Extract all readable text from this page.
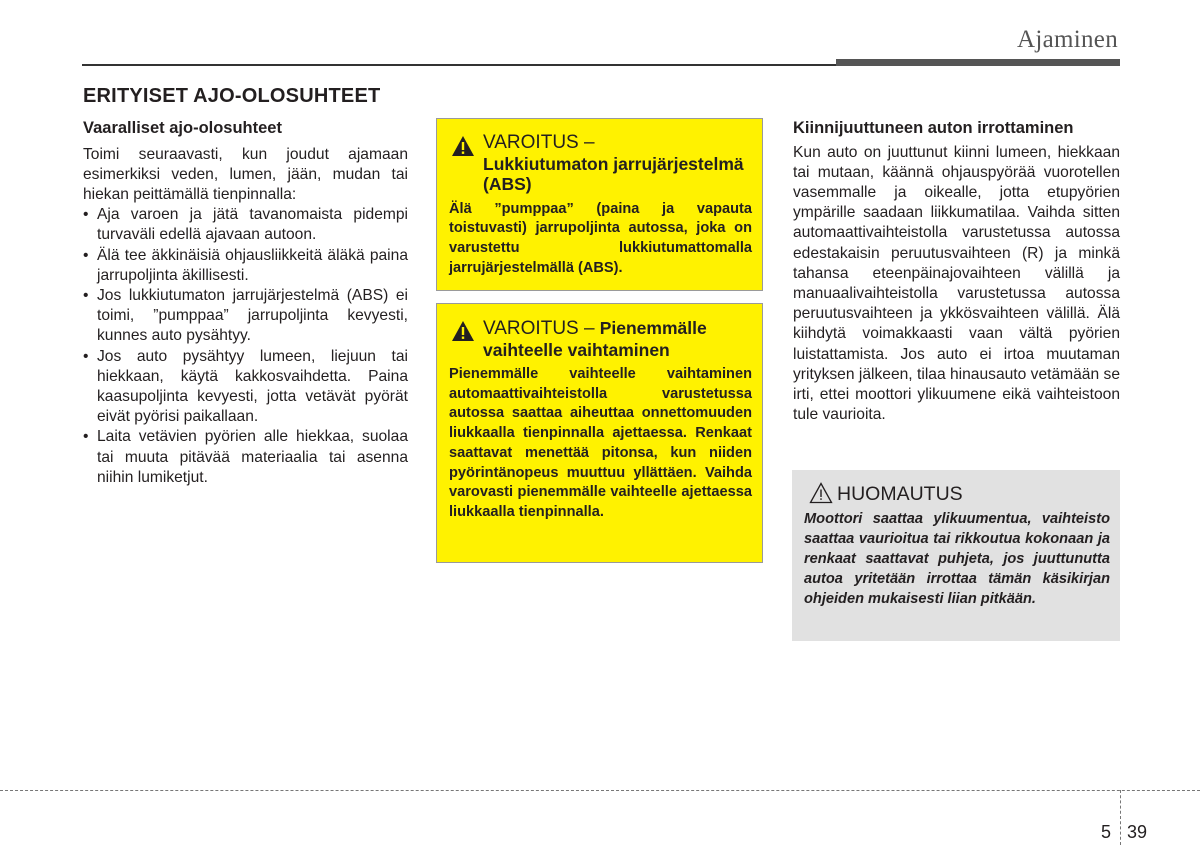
Ajaminen
ERITYISET AJO-OLOSUHTEET
Vaaralliset ajo-olosuhteet
Toimi seuraavasti, kun joudut ajamaan esimerkiksi veden, lumen, jään, mudan tai hiekan peittämällä tienpinnalla:
• Aja varoen ja jätä tavanomaista pidempi turvaväli edellä ajavaan autoon.
• Älä tee äkkinäisiä ohjausliikkeitä äläkä paina jarrupoljinta äkillisesti.
• Jos lukkiutumaton jarrujärjestelmä (ABS) ei toimi, ”pumppaa” jarrupoljinta kevyesti, kunnes auto pysähtyy.
• Jos auto pysähtyy lumeen, liejuun tai hiekkaan, käytä kakkosvaihdetta. Paina kaasupoljinta kevyesti, jotta vetävät pyörät eivät pyörisi paikallaan.
• Laita vetävien pyörien alle hiekkaa, suolaa tai muuta pitävää materiaalia tai asenna niihin lumiketjut.
VAROITUS –
Lukkiutumaton jarrujärjestelmä (ABS)
Älä ”pumppaa” (paina ja vapauta toistuvasti) jarrupoljinta autossa, joka on varustettu lukkiutumattomalla jarrujärjestelmällä (ABS).
VAROITUS – Pienemmälle
vaihteelle vaihtaminen
Pienemmälle vaihteelle vaihtaminen automaattivaihteistolla varustetussa autossa saattaa aiheuttaa onnettomuuden liukkaalla tienpinnalla ajettaessa. Renkaat saattavat menettää pitonsa, kun niiden pyörintänopeus muuttuu yllättäen. Vaihda varovasti pienemmälle vaihteelle ajettaessa liukkaalla tienpinnalla.
Kiinnijuuttuneen auton irrottaminen
Kun auto on juuttunut kiinni lumeen, hiekkaan tai mutaan, käännä ohjauspyörää vuorotellen vasemmalle ja oikealle, jotta etupyörien ympärille saadaan liikkumatilaa. Vaihda sitten automaattivaihteistolla varustetussa autossa edestakaisin peruutusvaihteen (R) ja minkä tahansa eteenpäinajovaihteen välillä ja manuaalivaihteistolla varustetussa autossa peruutusvaihteen ja ykkösvaihteen välillä. Älä kiihdytä voimakkaasti vaan vältä pyörien luistattamista. Jos auto ei irtoa muutaman yrityksen jälkeen, tilaa hinausauto vetämään se irti, ettei moottori ylikuumene eikä vaihteistoon tule vaurioita.
HUOMAUTUS
Moottori saattaa ylikuumentua, vaihteisto saattaa vaurioitua tai rikkoutua kokonaan ja renkaat saattavat puhjeta, jos juuttunutta autoa yritetään irrottaa tämän käsikirjan ohjeiden mukaisesti liian pitkään.
5 39
